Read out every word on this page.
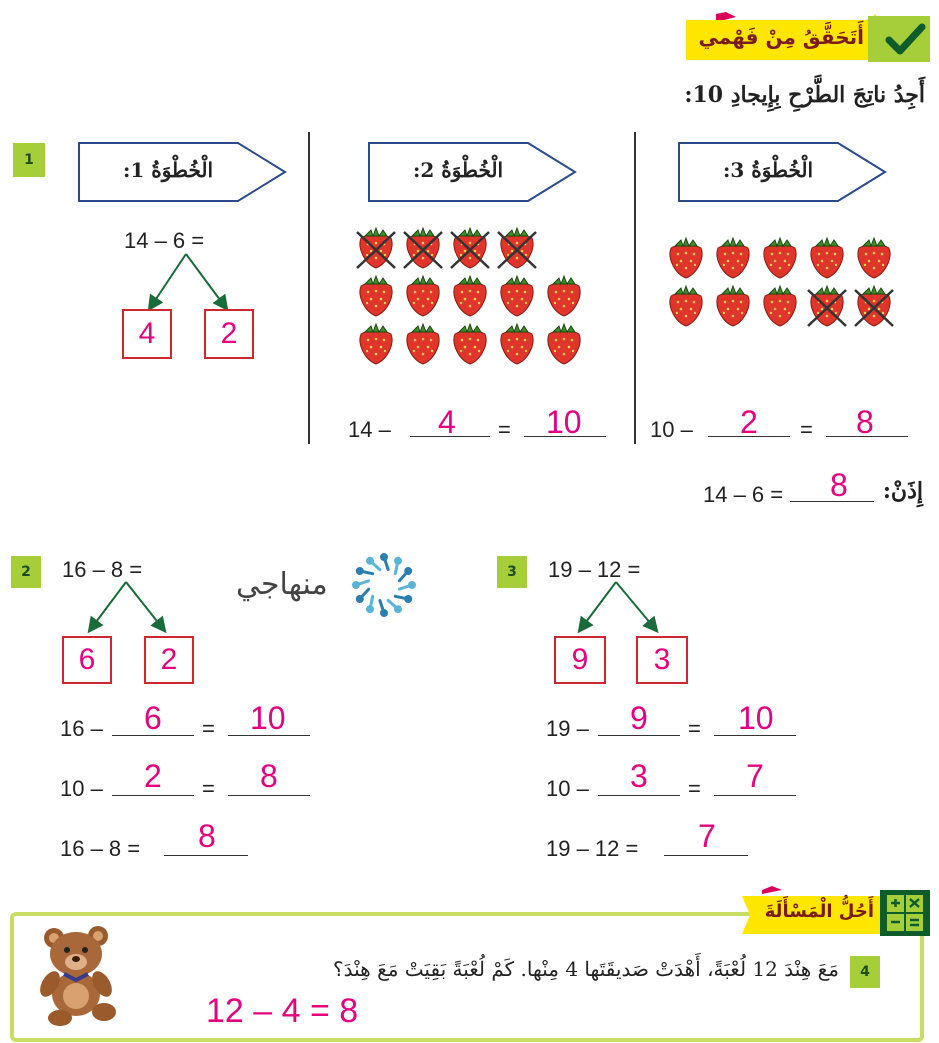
أَتَحَقَّقُ مِنْ فَهْمي
أَجِدُ ناتِجَ الطَّرْحِ بِإِيجادِ 10:
1	الْخُطْوَةُ 1:	الْخُطْوَةُ 2:	الْخُطْوَةُ 3:
14 – 6 =
4	2
14 – 4 = 10	10 – 2 = 8
14 – 6 = 8 إِذَنْ:
2	16 – 8 =
6	2
16 – 6 = 10
10 – 2 = 8
16 – 8 = 8
منهاجي	3	19 – 12 =
9	3
19 – 9 = 10
10 – 3 = 7
19 – 12 = 7
أَحُلُّ الْمَسْأَلَةَ
4
مَعَ هِنْدَ 12 لُعْبَةً، أَهْدَتْ صَديقَتَها 4 مِنْها. كَمْ لُعْبَةً بَقِيَتْ مَعَ هِنْدَ؟
12 – 4 = 8
